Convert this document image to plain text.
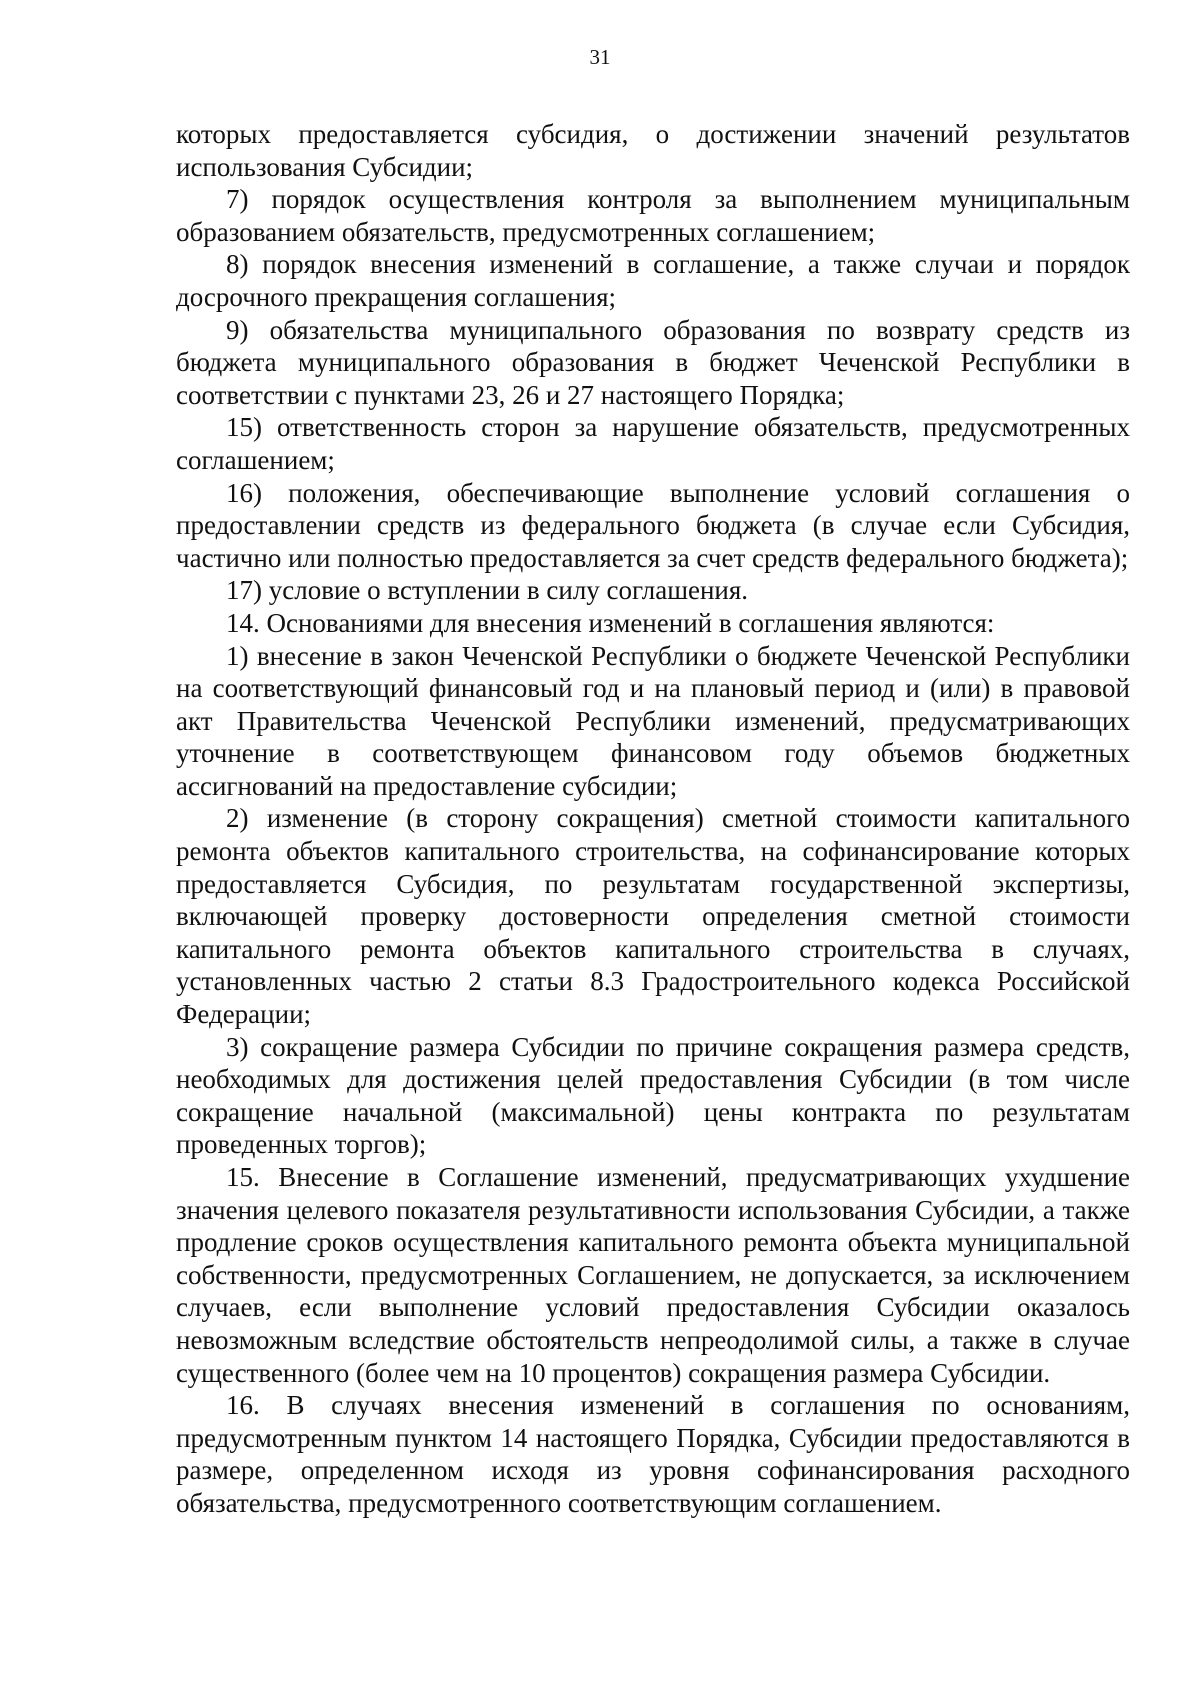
31

которых предоставляется субсидия, о достижении значений результатов использования Субсидии;

7) порядок осуществления контроля за выполнением муниципальным образованием обязательств, предусмотренных соглашением;

8) порядок внесения изменений в соглашение, а также случаи и порядок досрочного прекращения соглашения;

9) обязательства муниципального образования по возврату средств из бюджета муниципального образования в бюджет Чеченской Республики в соответствии с пунктами 23, 26 и 27 настоящего Порядка;

15) ответственность сторон за нарушение обязательств, предусмотренных соглашением;

16) положения, обеспечивающие выполнение условий соглашения о предоставлении средств из федерального бюджета (в случае если Субсидия, частично или полностью предоставляется за счет средств федерального бюджета);

17) условие о вступлении в силу соглашения.

14. Основаниями для внесения изменений в соглашения являются:

1) внесение в закон Чеченской Республики о бюджете Чеченской Республики на соответствующий финансовый год и на плановый период и (или) в правовой акт Правительства Чеченской Республики изменений, предусматривающих уточнение в соответствующем финансовом году объемов бюджетных ассигнований на предоставление субсидии;

2) изменение (в сторону сокращения) сметной стоимости капитального ремонта объектов капитального строительства, на софинансирование которых предоставляется Субсидия, по результатам государственной экспертизы, включающей проверку достоверности определения сметной стоимости капитального ремонта объектов капитального строительства в случаях, установленных частью 2 статьи 8.3 Градостроительного кодекса Российской Федерации;

3) сокращение размера Субсидии по причине сокращения размера средств, необходимых для достижения целей предоставления Субсидии (в том числе сокращение начальной (максимальной) цены контракта по результатам проведенных торгов);

15. Внесение в Соглашение изменений, предусматривающих ухудшение значения целевого показателя результативности использования Субсидии, а также продление сроков осуществления капитального ремонта объекта муниципальной собственности, предусмотренных Соглашением, не допускается, за исключением случаев, если выполнение условий предоставления Субсидии оказалось невозможным вследствие обстоятельств непреодолимой силы, а также в случае существенного (более чем на 10 процентов) сокращения размера Субсидии.

16. В случаях внесения изменений в соглашения по основаниям, предусмотренным пунктом 14 настоящего Порядка, Субсидии предоставляются в размере, определенном исходя из уровня софинансирования расходного обязательства, предусмотренного соответствующим соглашением.
